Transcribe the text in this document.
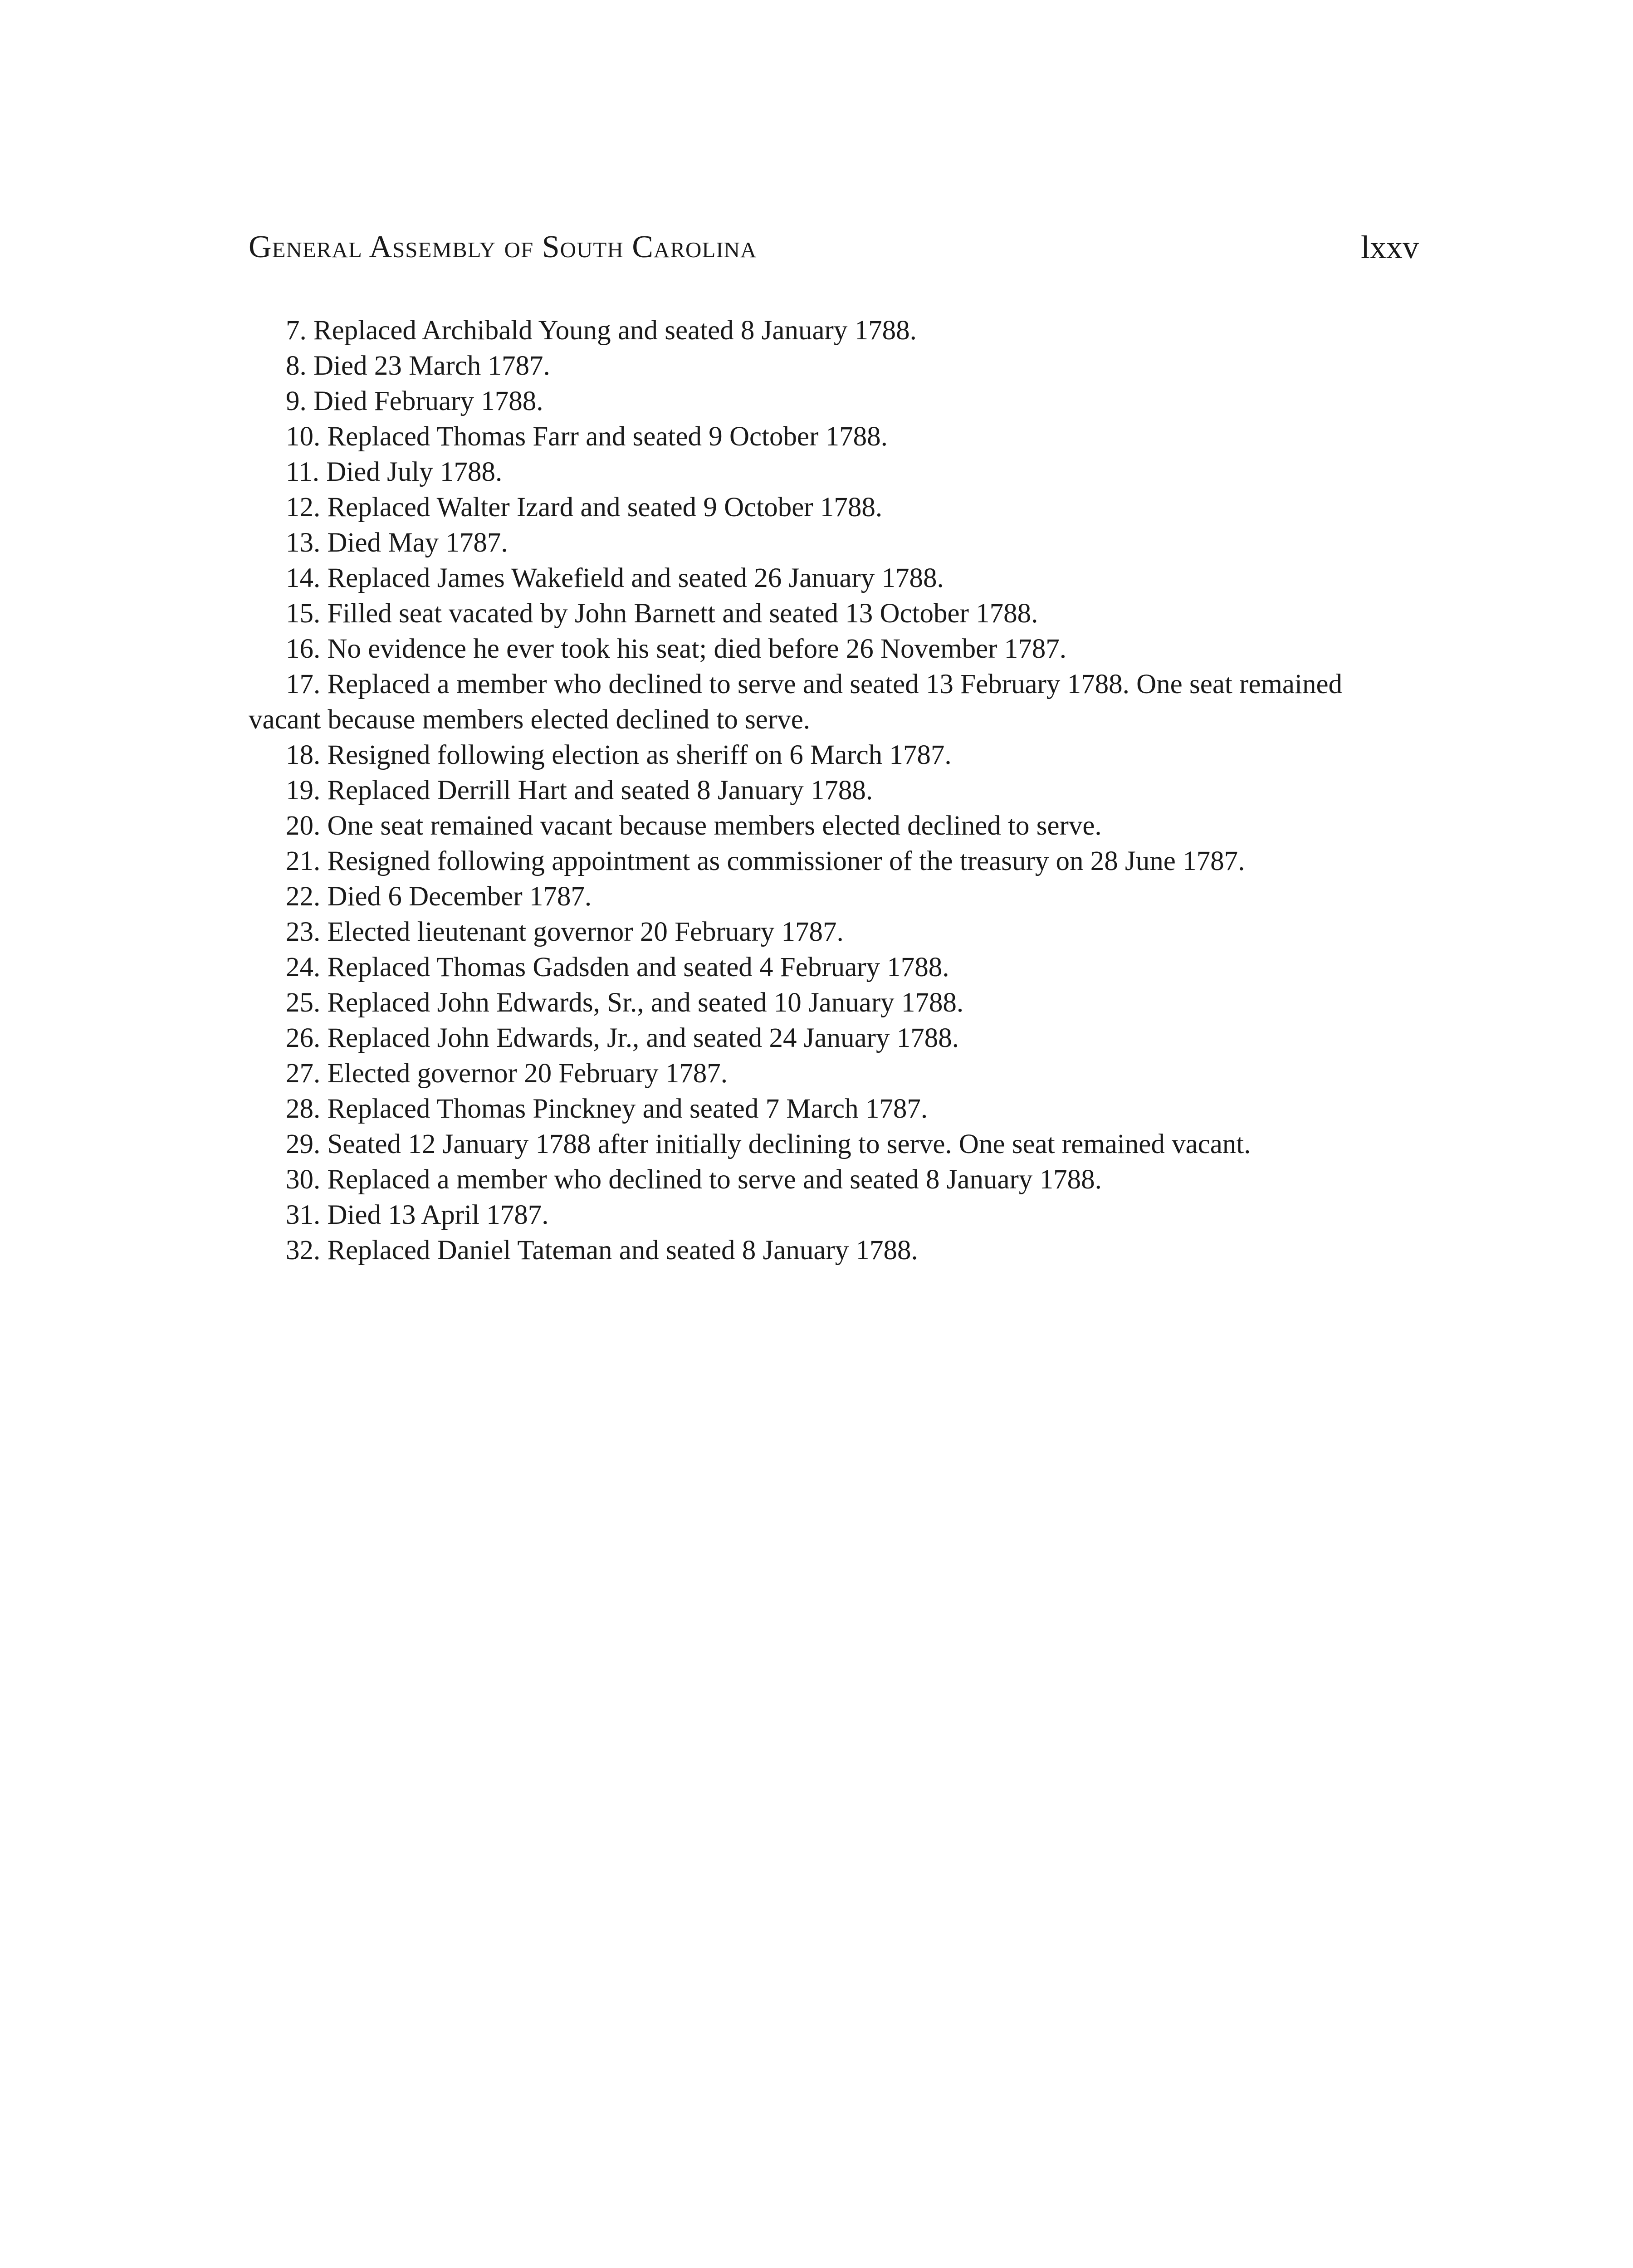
General Assembly of South Carolina	lxxv
7 . Replaced Archibald Young and seated 8 January 1788.
8 . Died 23 March 1787.
9 . Died February 1788.
10 . Replaced Thomas Farr and seated 9 October 1788.
11 . Died July 1788.
12 . Replaced Walter Izard and seated 9 October 1788.
13 . Died May 1787.
14 . Replaced James Wakefield and seated 26 January 1788.
15 . Filled seat vacated by John Barnett and seated 13 October 1788.
16 . No evidence he ever took his seat; died before 26 November 1787.
17 . Replaced a member who declined to serve and seated 13 February 1788. One seat remained vacant because members elected declined to serve.
18 . Resigned following election as sheriff on 6 March 1787.
19 . Replaced Derrill Hart and seated 8 January 1788.
20 . One seat remained vacant because members elected declined to serve.
21 . Resigned following appointment as commissioner of the treasury on 28 June 1787.
22 . Died 6 December 1787.
23 . Elected lieutenant governor 20 February 1787.
24 . Replaced Thomas Gadsden and seated 4 February 1788.
25 . Replaced John Edwards, Sr., and seated 10 January 1788.
26 . Replaced John Edwards, Jr., and seated 24 January 1788.
27 . Elected governor 20 February 1787.
28 . Replaced Thomas Pinckney and seated 7 March 1787.
29 . Seated 12 January 1788 after initially declining to serve. One seat remained vacant.
30 . Replaced a member who declined to serve and seated 8 January 1788.
31 . Died 13 April 1787.
32 . Replaced Daniel Tateman and seated 8 January 1788.
